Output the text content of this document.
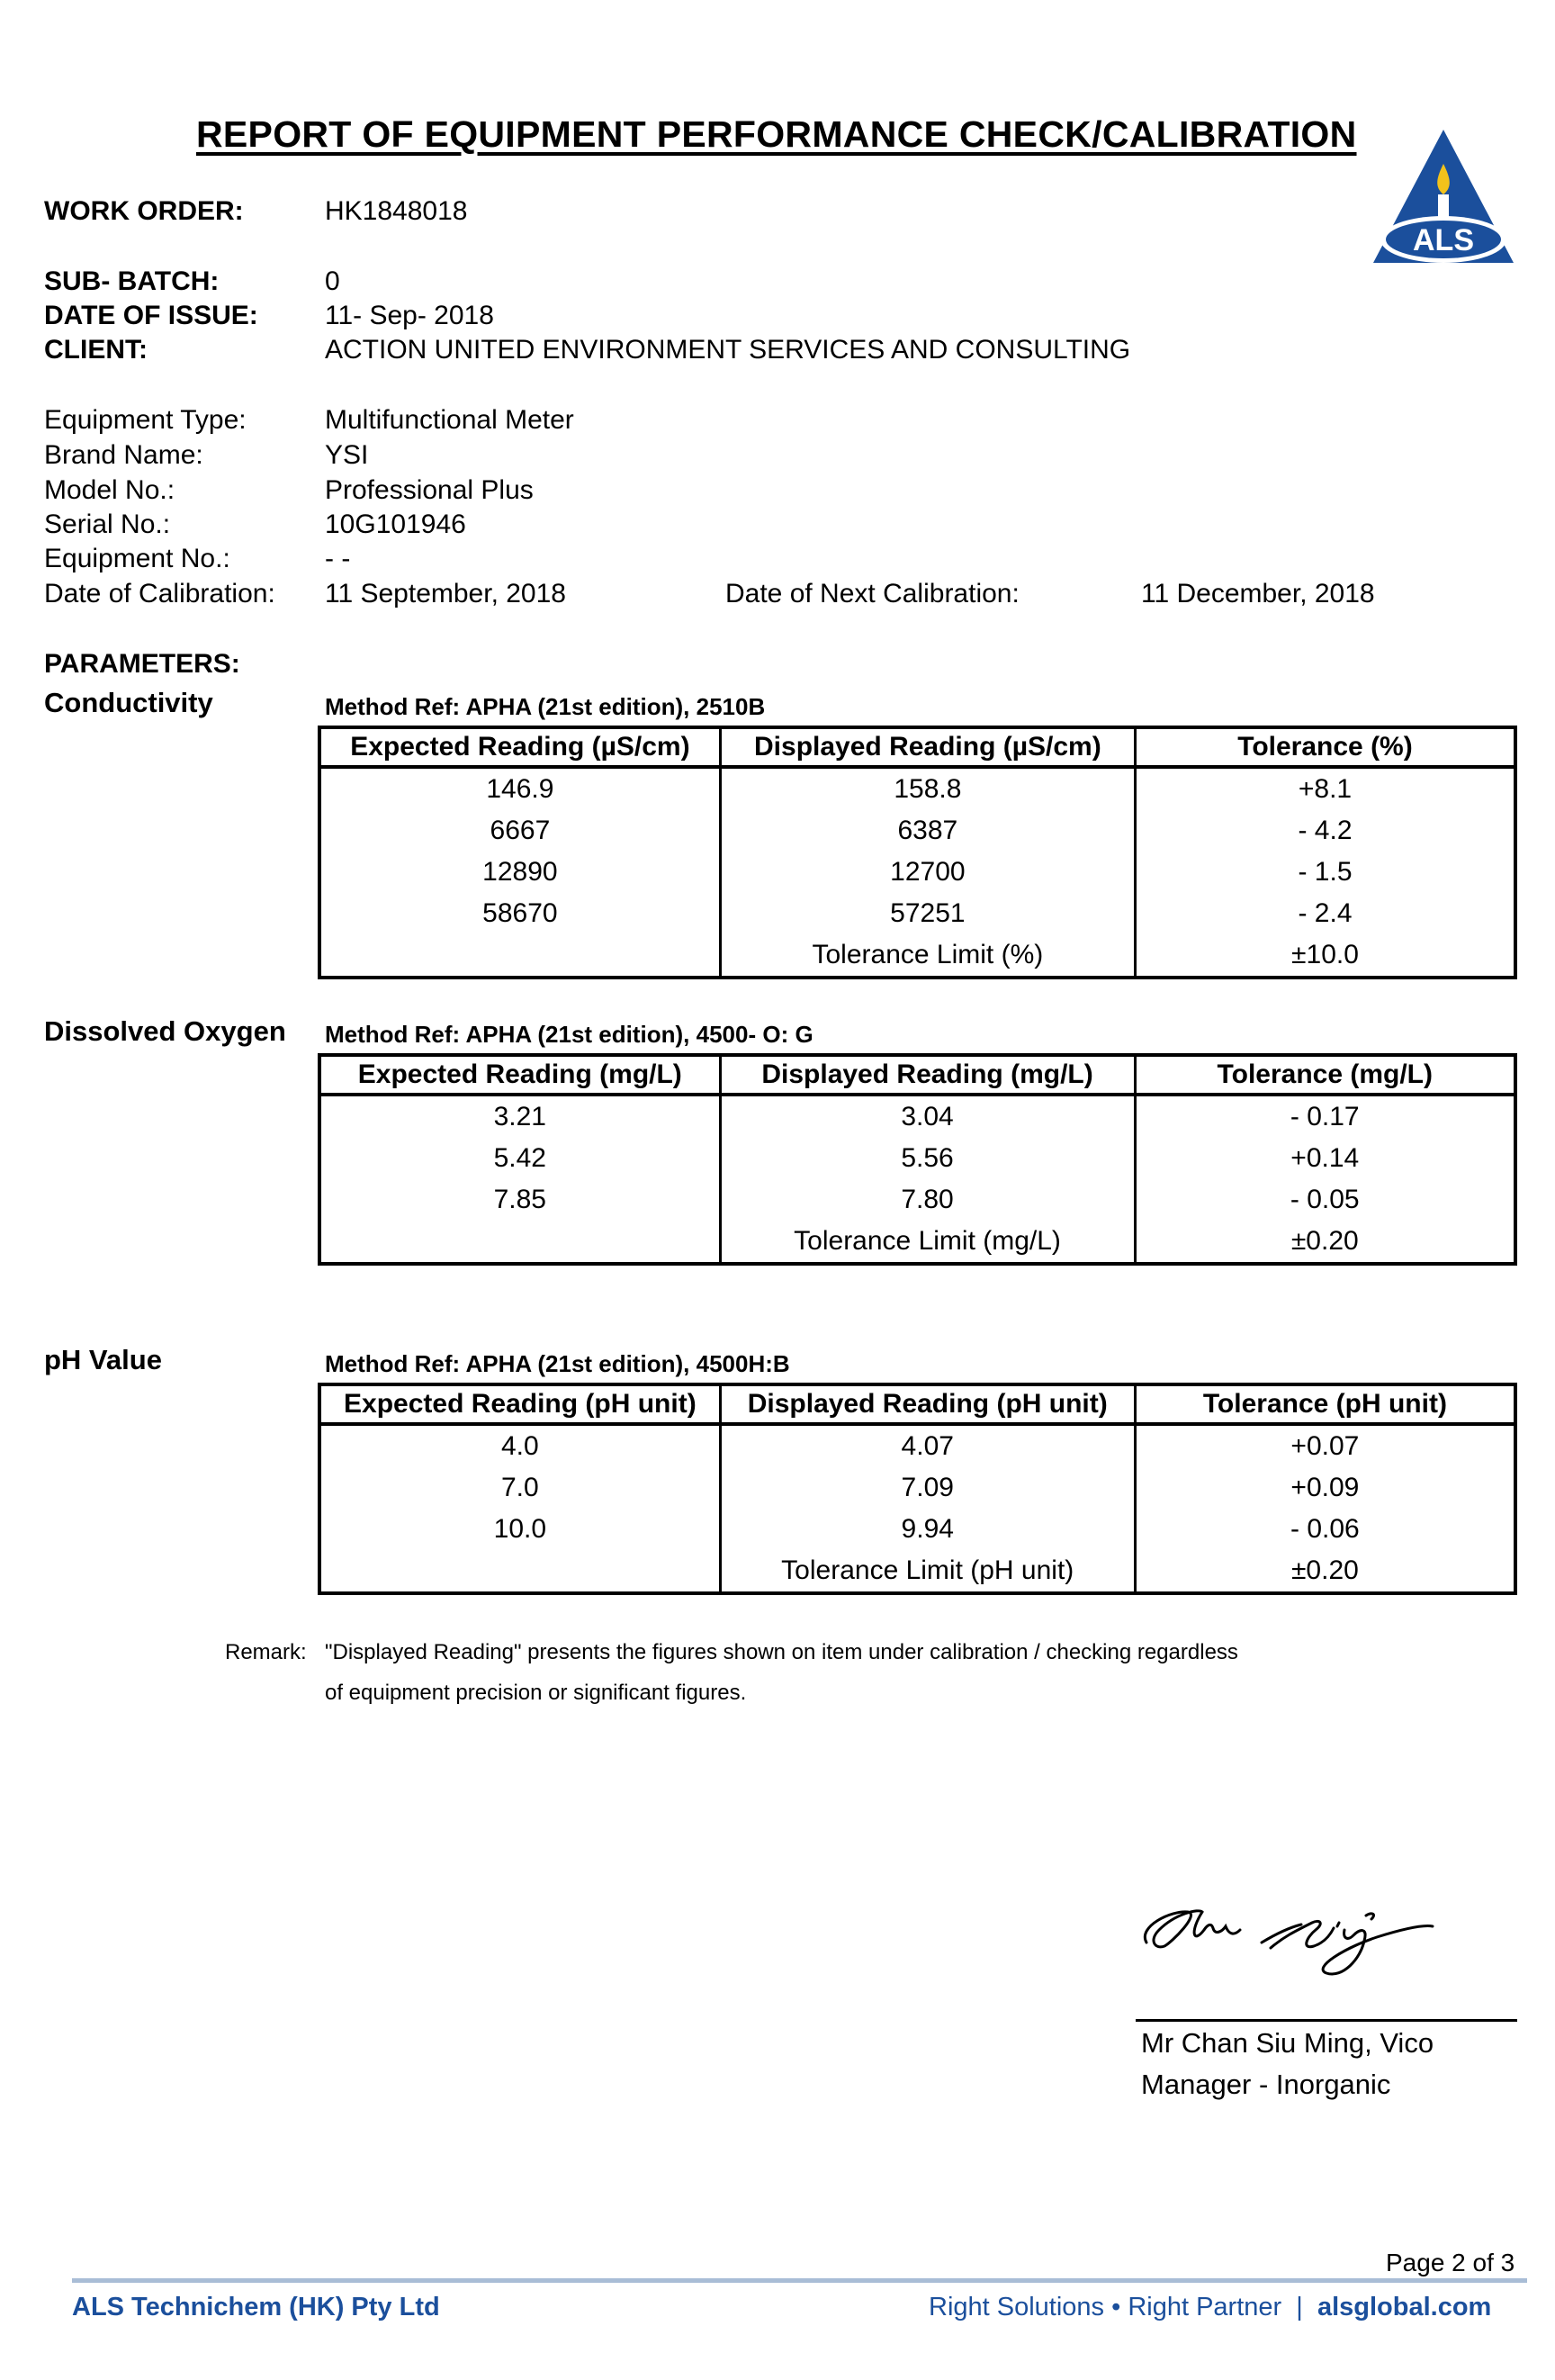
REPORT OF EQUIPMENT PERFORMANCE CHECK/CALIBRATION
ALS
WORK ORDER:	HK1848018
SUB- BATCH:	0
DATE OF ISSUE: 11- Sep- 2018
CLIENT:	ACTION UNITED ENVIRONMENT SERVICES AND CONSULTING
Equipment Type:	Multifunctional Meter
Brand Name:	YSI
Model No.:	Professional Plus
Serial No.:	10G101946
Equipment No.:	- -
Date of Calibration: 11 September, 2018	Date of Next Calibration:	11 December, 2018
PARAMETERS:
Conductivity	Method Ref: APHA (21st edition), 2510B
Expected Reading (µS/cm)	Displayed Reading (µS/cm)	Tolerance (%)
146.9	158.8	+8.1
6667	6387	- 4.2
12890	12700	- 1.5
58670	57251	- 2.4
	Tolerance Limit (%)	±10.0
Dissolved Oxygen Method Ref: APHA (21st edition), 4500- O: G
Expected Reading (mg/L)	Displayed Reading (mg/L)	Tolerance (mg/L)
3.21	3.04	- 0.17
5.42	5.56	+0.14
7.85	7.80	- 0.05
	Tolerance Limit (mg/L)	±0.20
pH Value	Method Ref: APHA (21st edition), 4500H:B
Expected Reading (pH unit)	Displayed Reading (pH unit)	Tolerance (pH unit)
4.0	4.07	+0.07
7.0	7.09	+0.09
10.0	9.94	- 0.06
	Tolerance Limit (pH unit)	±0.20
Remark: "Displayed Reading" presents the figures shown on item under calibration / checking regardless
of equipment precision or significant figures.
Mr Chan Siu Ming, Vico
Manager - Inorganic
Page 2 of 3
ALS Technichem (HK) Pty Ltd	Right Solutions • Right Partner  |  alsglobal.com
